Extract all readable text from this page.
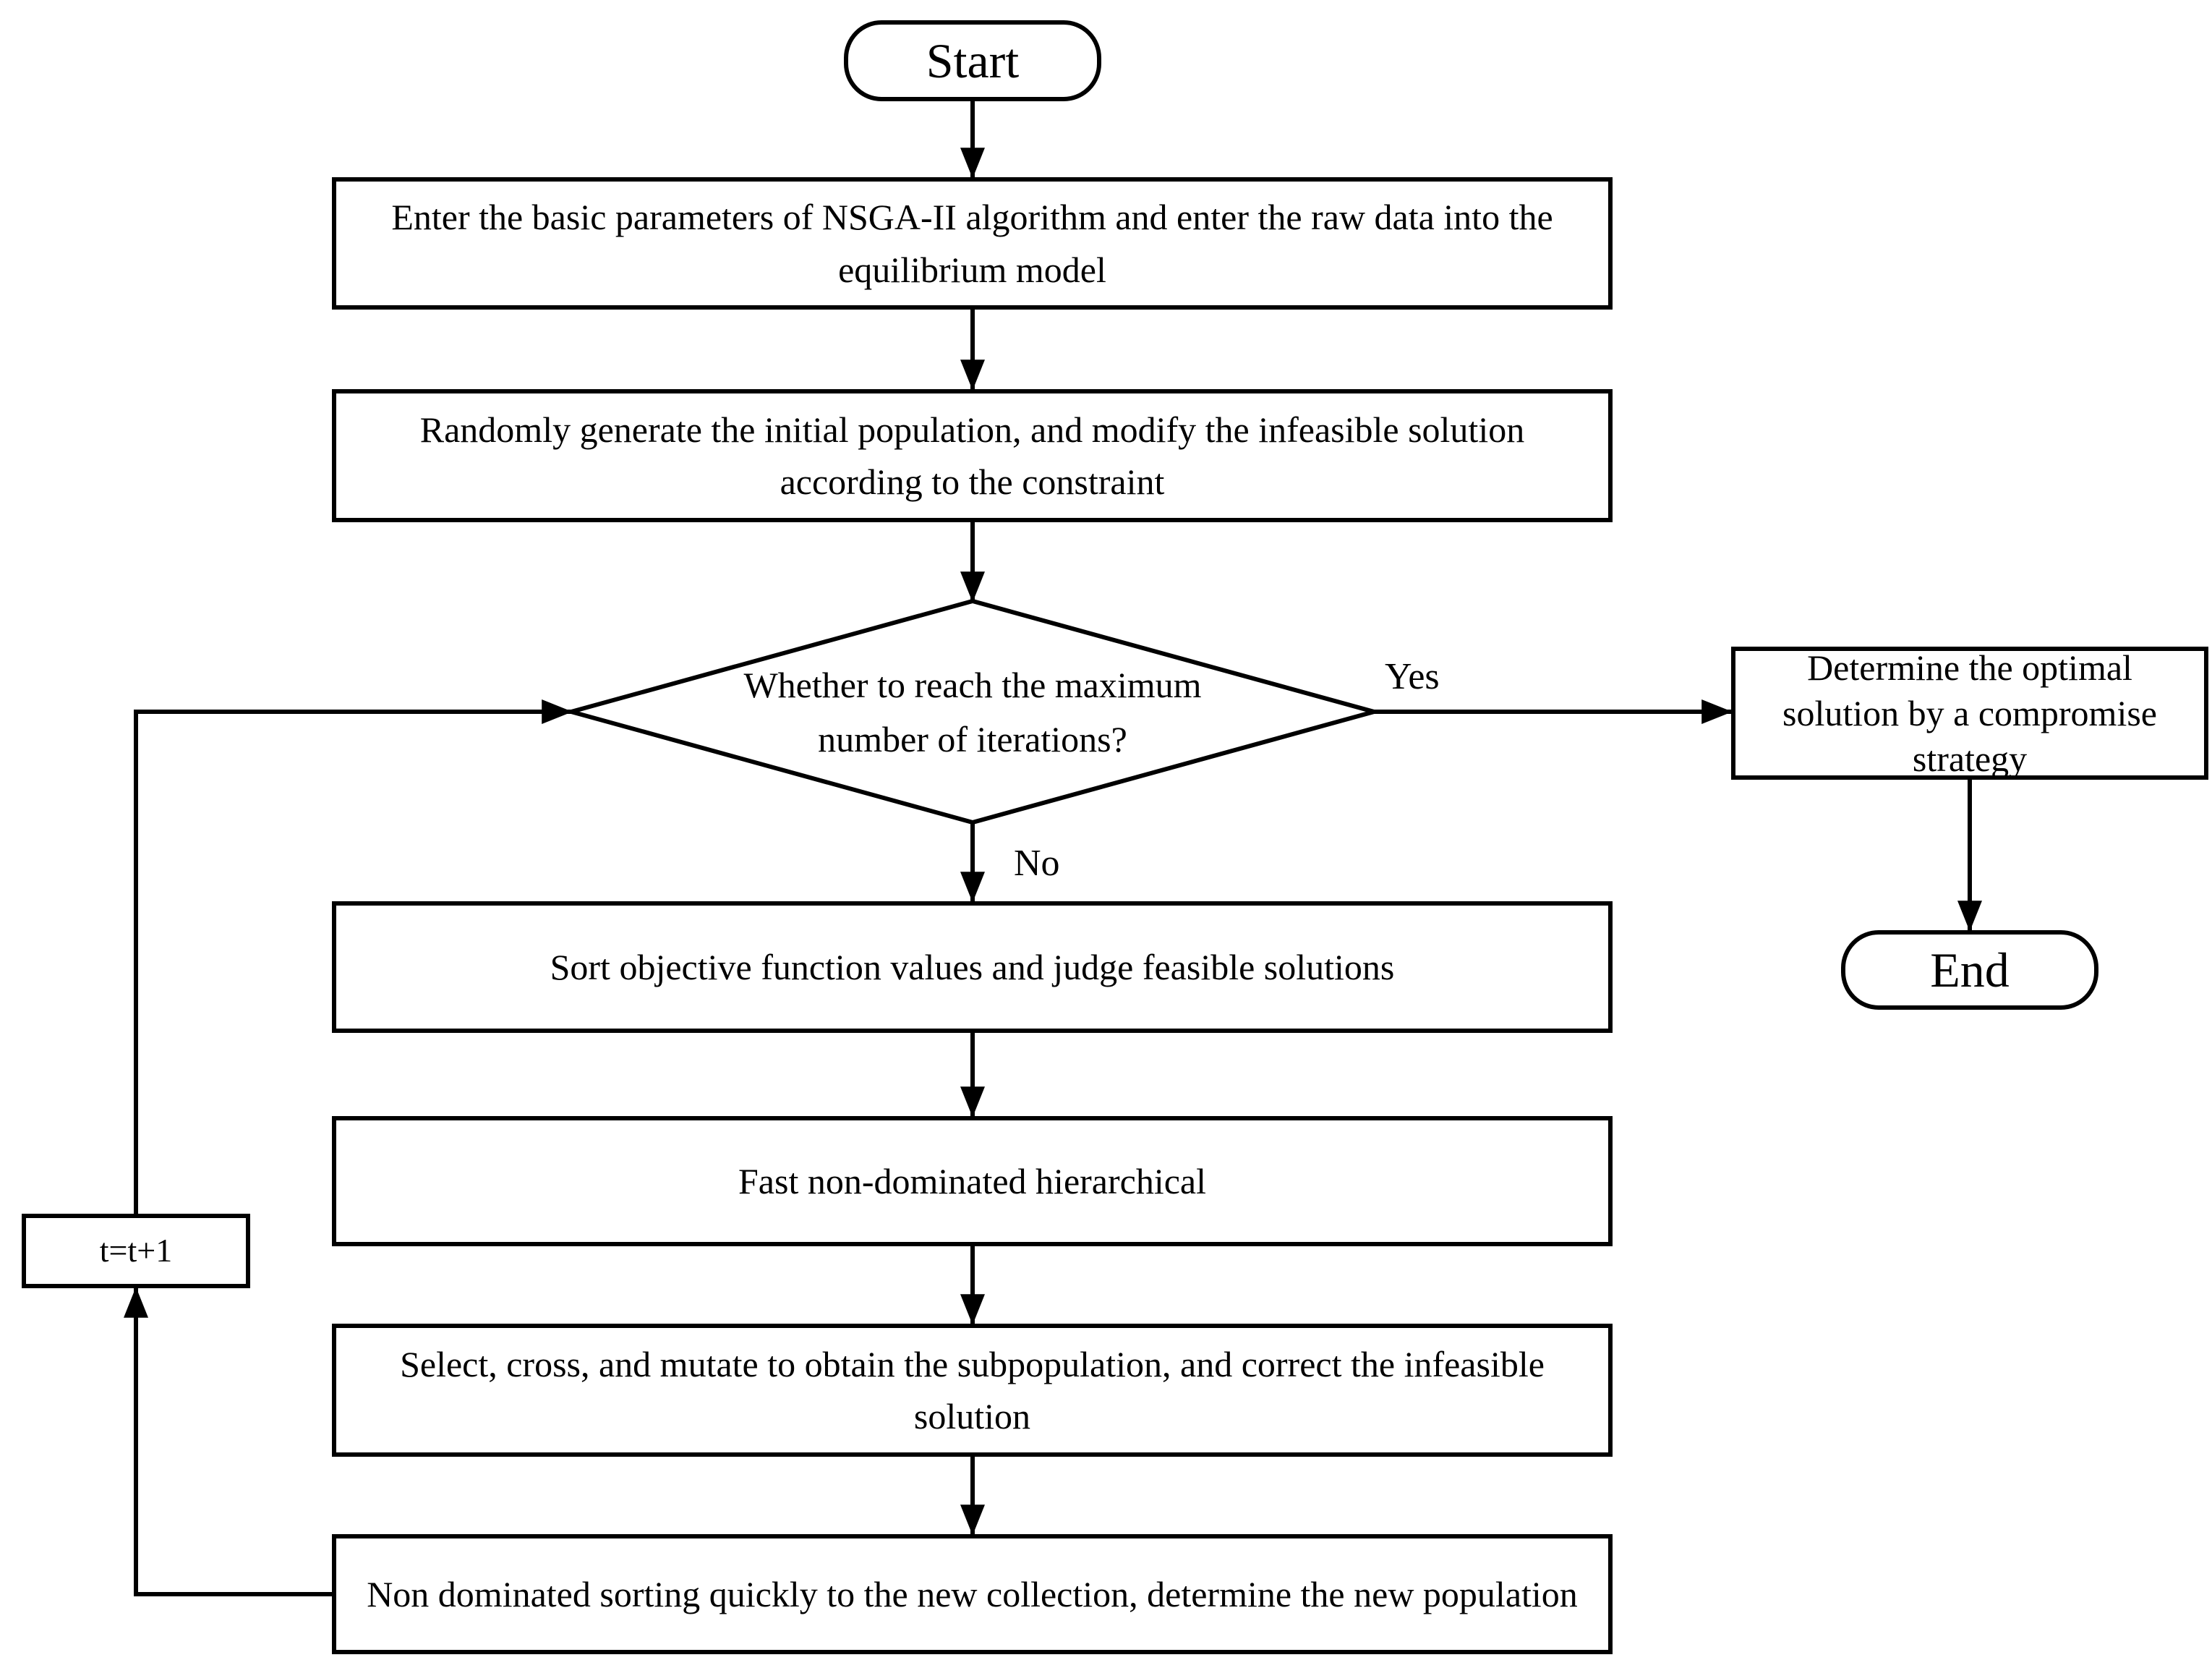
Start
Enter the basic parameters of NSGA-II algorithm and enter the raw data into the equilibrium model
Randomly generate the initial population, and modify the infeasible solution according to the constraint
Whether to reach the maximum number of iterations?
Determine the optimal solution by a compromise strategy
End
Sort objective function values and judge feasible solutions
Fast non-dominated hierarchical
Select, cross, and mutate to obtain the subpopulation, and correct the infeasible solution
Non dominated sorting quickly to the new collection, determine the new population
t=t+1
Yes
No
